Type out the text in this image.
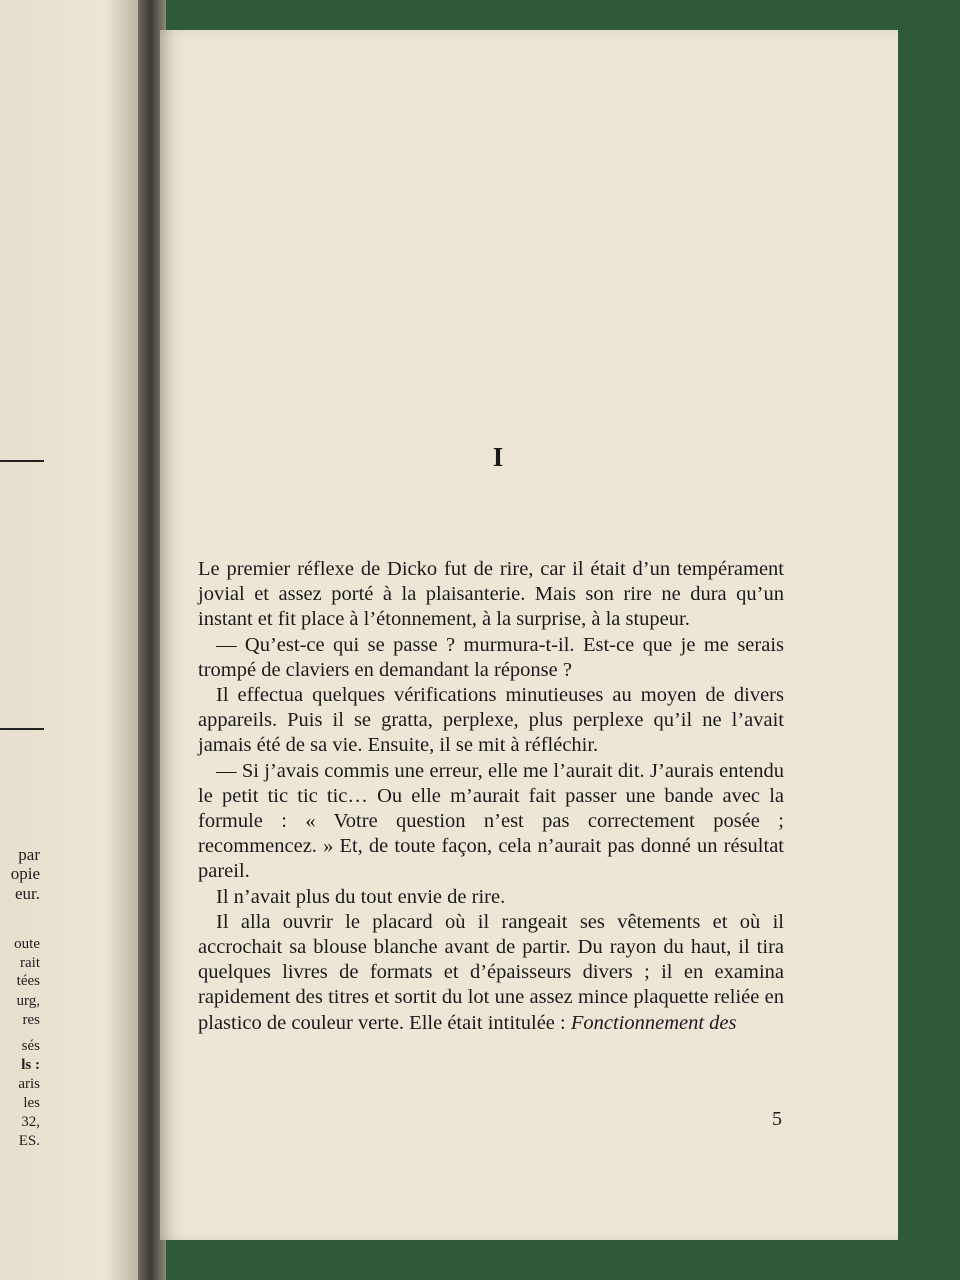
par
opie
eur.
oute
rait
tées
urg,
res
sés
ls :
aris
les
32,
ES.
I

Le premier réflexe de Dicko fut de rire, car il était d’un tempérament jovial et assez porté à la plaisanterie. Mais son rire ne dura qu’un instant et fit place à l’étonnement, à la surprise, à la stupeur.

— Qu’est-ce qui se passe ? murmura-t-il. Est-ce que je me serais trompé de claviers en demandant la réponse ?

Il effectua quelques vérifications minutieuses au moyen de divers appareils. Puis il se gratta, perplexe, plus perplexe qu’il ne l’avait jamais été de sa vie. Ensuite, il se mit à réfléchir.

— Si j’avais commis une erreur, elle me l’aurait dit. J’aurais entendu le petit tic tic tic… Ou elle m’aurait fait passer une bande avec la formule : « Votre question n’est pas correctement posée ; recommencez. » Et, de toute façon, cela n’aurait pas donné un résultat pareil.

Il n’avait plus du tout envie de rire.

Il alla ouvrir le placard où il rangeait ses vêtements et où il accrochait sa blouse blanche avant de partir. Du rayon du haut, il tira quelques livres de formats et d’épaisseurs divers ; il en examina rapidement des titres et sortit du lot une assez mince plaquette reliée en plastico de couleur verte. Elle était intitulée : Fonctionnement des

5
